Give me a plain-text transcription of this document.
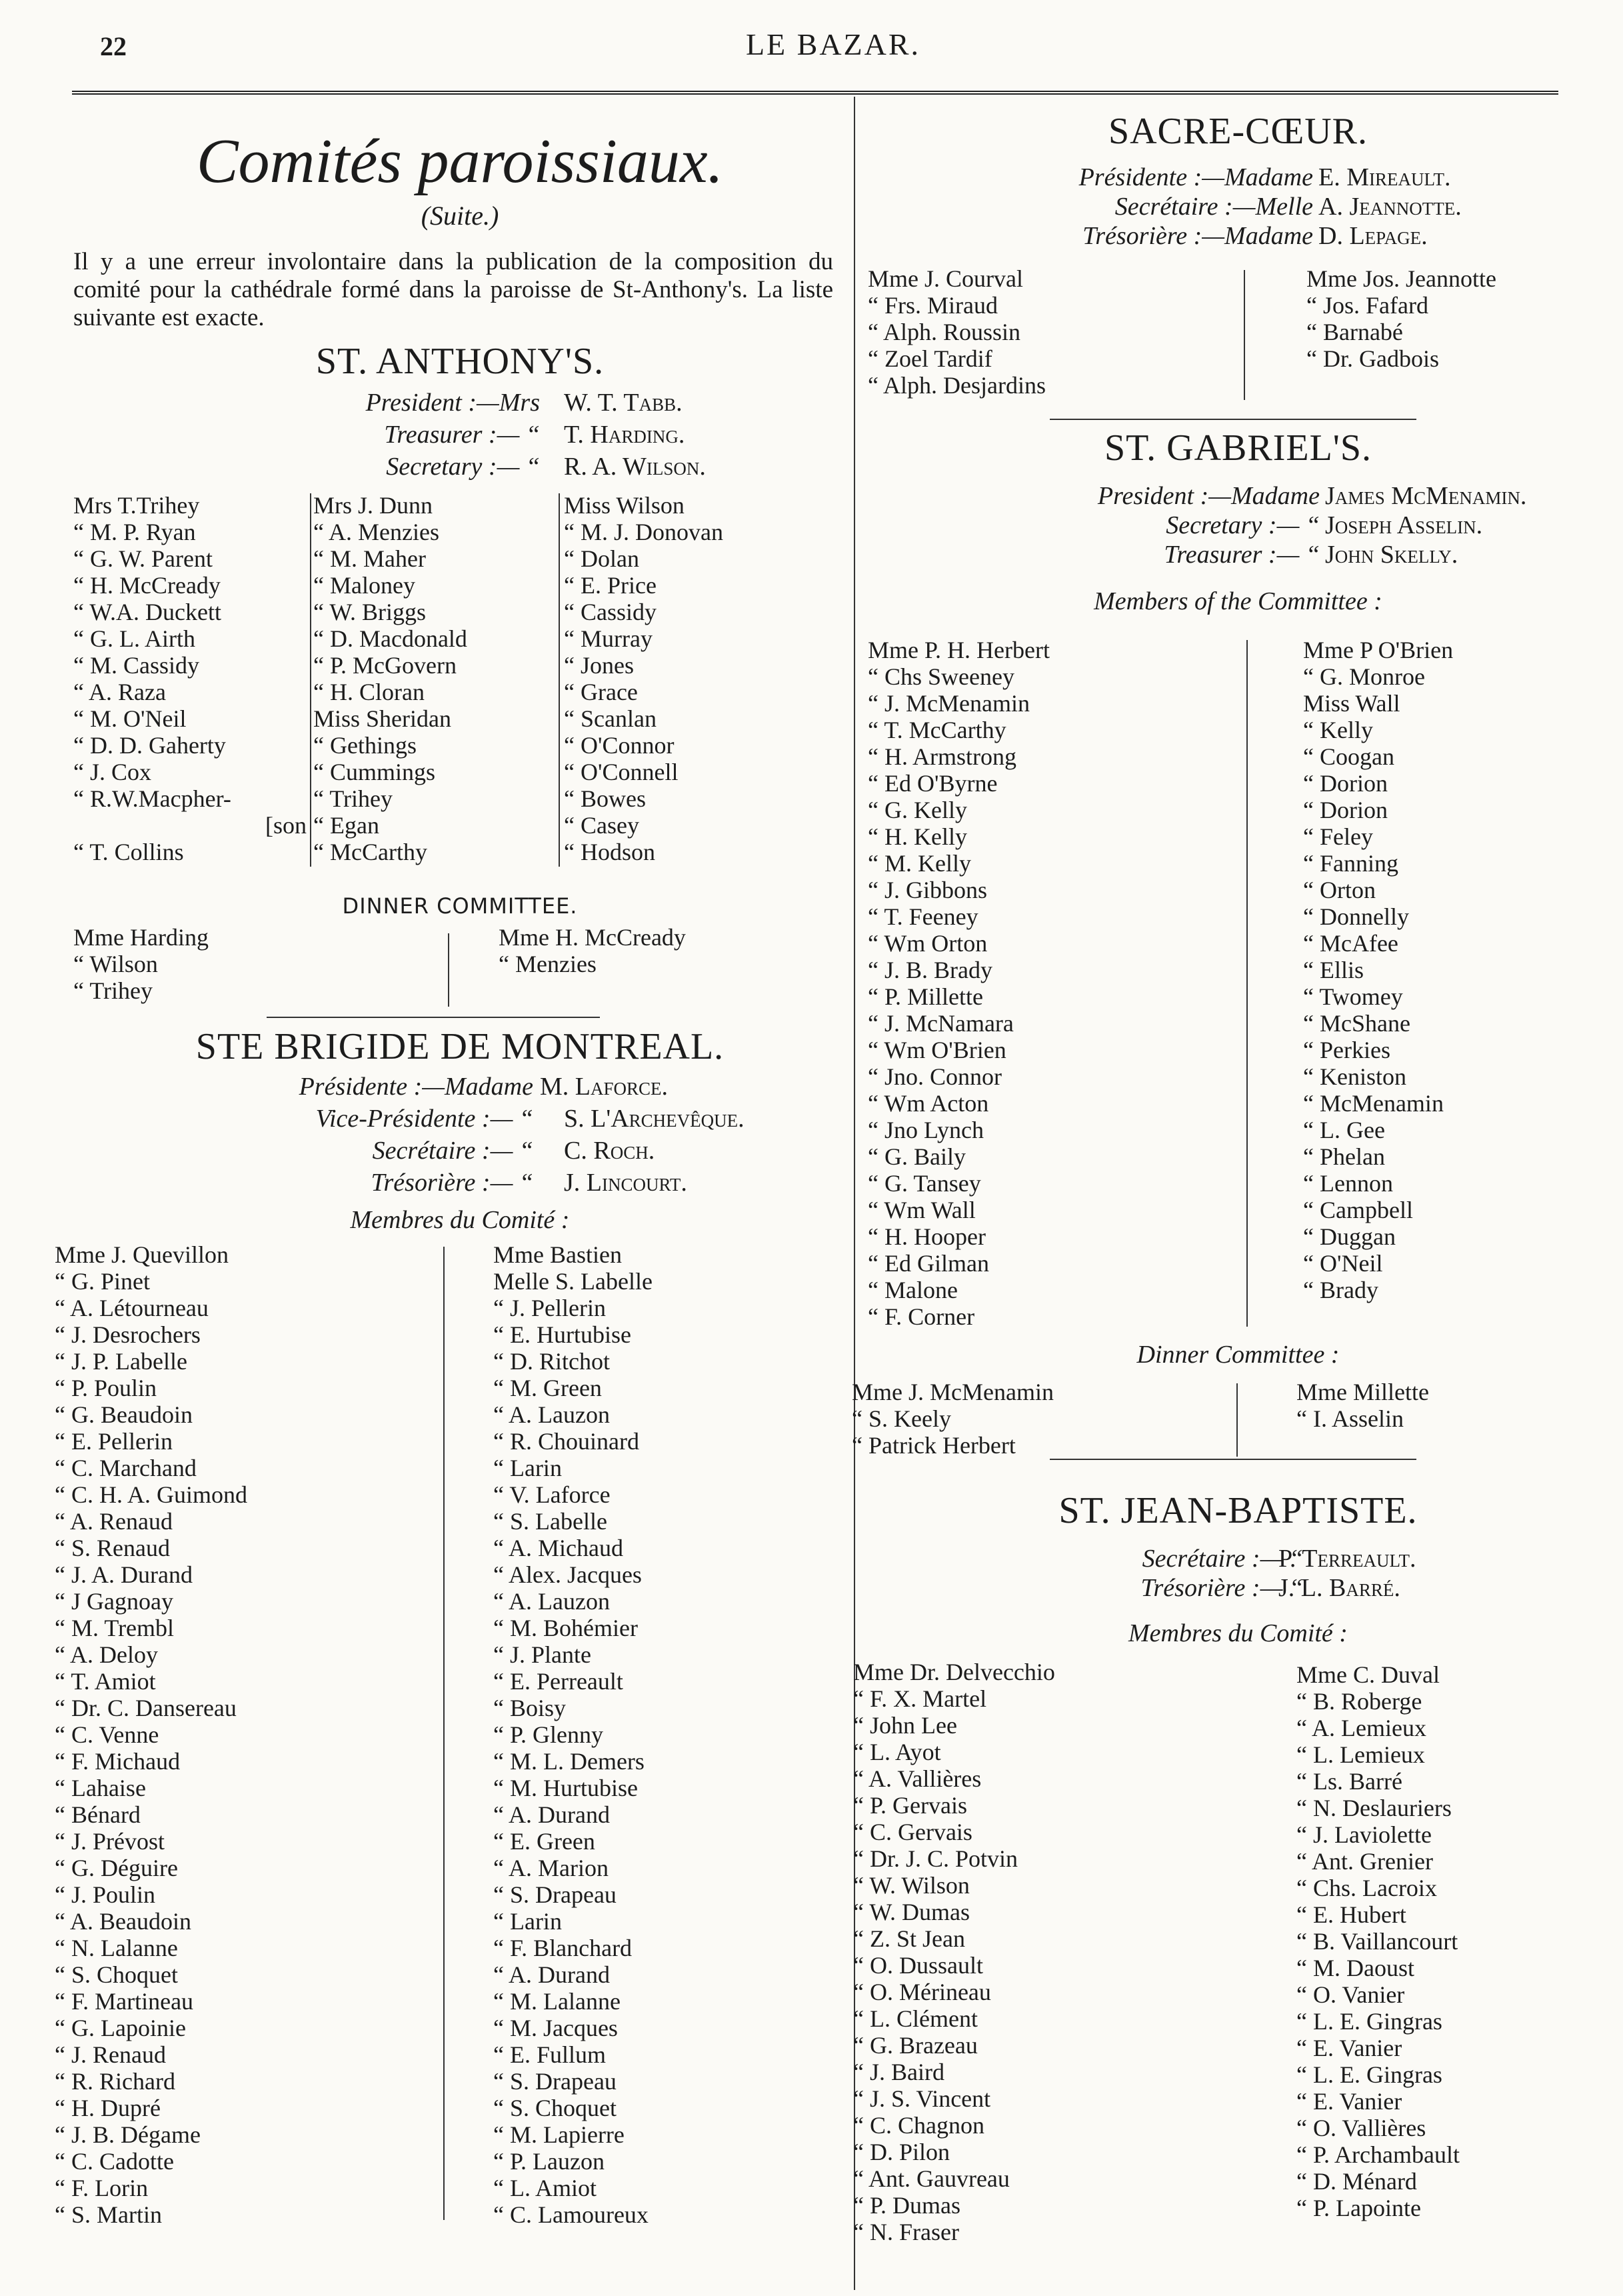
22	LE BAZAR.
Comités paroissiaux.
(Suite.)
Il y a une erreur involontaire dans la publication de la composition du comité pour la cathédrale formé dans la paroisse de St-Anthony's. La liste suivante est exacte.
ST. ANTHONY'S.
President :—Mrs W. T. Tabb.
Treasurer :— “ T. Harding.
Secretary :— “ R. A. Wilson.
Mrs T.Trihey
“ M. P. Ryan
“ G. W. Parent
“ H. McCready
“ W.A. Duckett
“ G. L. Airth
“ M. Cassidy
“ A. Raza
“ M. O'Neil
“ D. D. Gaherty
“ J. Cox
“ R.W.Macpher-
[son
“ T. Collins
Mrs J. Dunn
“ A. Menzies
“ M. Maher
“ Maloney
“ W. Briggs
“ D. Macdonald
“ P. McGovern
“ H. Cloran
Miss Sheridan
“ Gethings
“ Cummings
“ Trihey
“ Egan
“ McCarthy
Miss Wilson
“ M. J. Donovan
“ Dolan
“ E. Price
“ Cassidy
“ Murray
“ Jones
“ Grace
“ Scanlan
“ O'Connor
“ O'Connell
“ Bowes
“ Casey
“ Hodson
DINNER COMMITTEE.
Mme Harding
“ Wilson
“ Trihey
Mme H. McCready
“ Menzies
STE BRIGIDE DE MONTREAL.
Présidente :—Madame M. Laforce.
Vice-Présidente :— “ S. L'Archevêque.
Secrétaire :— “ C. Roch.
Trésorière :— “ J. Lincourt.
Membres du Comité :
Mme J. Quevillon
“ G. Pinet
“ A. Létourneau
“ J. Desrochers
“ J. P. Labelle
“ P. Poulin
“ G. Beaudoin
“ E. Pellerin
“ C. Marchand
“ C. H. A. Guimond
“ A. Renaud
“ S. Renaud
“ J. A. Durand
“ J Gagnoay
“ M. Trembl
“ A. Deloy
“ T. Amiot
“ Dr. C. Dansereau
“ C. Venne
“ F. Michaud
“ Lahaise
“ Bénard
“ J. Prévost
“ G. Déguire
“ J. Poulin
“ A. Beaudoin
“ N. Lalanne
“ S. Choquet
“ F. Martineau
“ G. Lapoinie
“ J. Renaud
“ R. Richard
“ H. Dupré
“ J. B. Dégame
“ C. Cadotte
“ F. Lorin
“ S. Martin
Mme Bastien
Melle S. Labelle
“ J. Pellerin
“ E. Hurtubise
“ D. Ritchot
“ M. Green
“ A. Lauzon
“ R. Chouinard
“ Larin
“ V. Laforce
“ S. Labelle
“ A. Michaud
“ Alex. Jacques
“ A. Lauzon
“ M. Bohémier
“ J. Plante
“ E. Perreault
“ Boisy
“ P. Glenny
“ M. L. Demers
“ M. Hurtubise
“ A. Durand
“ E. Green
“ A. Marion
“ S. Drapeau
“ Larin
“ F. Blanchard
“ A. Durand
“ M. Lalanne
“ M. Jacques
“ E. Fullum
“ S. Drapeau
“ S. Choquet
“ M. Lapierre
“ P. Lauzon
“ L. Amiot
“ C. Lamoureux
SACRE-CŒUR.
Présidente :—Madame E. Mireault.
Secrétaire :—Melle A. Jeannotte.
Trésorière :—Madame D. Lepage.
Mme J. Courval
“ Frs. Miraud
“ Alph. Roussin
“ Zoel Tardif
“ Alph. Desjardins
Mme Jos. Jeannotte
“ Jos. Fafard
“ Barnabé
“ Dr. Gadbois
ST. GABRIEL'S.
President :—Madame James McMenamin.
Secretary :— “ Joseph Asselin.
Treasurer :— “ John Skelly.
Members of the Committee :
Mme P. H. Herbert
“ Chs Sweeney
“ J. McMenamin
“ T. McCarthy
“ H. Armstrong
“ Ed O'Byrne
“ G. Kelly
“ H. Kelly
“ M. Kelly
“ J. Gibbons
“ T. Feeney
“ Wm Orton
“ J. B. Brady
“ P. Millette
“ J. McNamara
“ Wm O'Brien
“ Jno. Connor
“ Wm Acton
“ Jno Lynch
“ G. Baily
“ G. Tansey
“ Wm Wall
“ H. Hooper
“ Ed Gilman
“ Malone
“ F. Corner
Mme P O'Brien
“ G. Monroe
Miss Wall
“ Kelly
“ Coogan
“ Dorion
“ Dorion
“ Feley
“ Fanning
“ Orton
“ Donnelly
“ McAfee
“ Ellis
“ Twomey
“ McShane
“ Perkies
“ Keniston
“ McMenamin
“ L. Gee
“ Phelan
“ Lennon
“ Campbell
“ Duggan
“ O'Neil
“ Brady
Dinner Committee :
Mme J. McMenamin
“ S. Keely
“ Patrick Herbert
Mme Millette
“ I. Asselin
ST. JEAN-BAPTISTE.
Secrétaire :— “
P. Terreault.
Trésorière :— “
J. L. Barré.
Membres du Comité :
Mme Dr. Delvecchio
“ F. X. Martel
“ John Lee
“ L. Ayot
“ A. Vallières
“ P. Gervais
“ C. Gervais
“ Dr. J. C. Potvin
“ W. Wilson
“ W. Dumas
“ Z. St Jean
“ O. Dussault
“ O. Mérineau
“ L. Clément
“ G. Brazeau
“ J. Baird
“ J. S. Vincent
“ C. Chagnon
“ D. Pilon
“ Ant. Gauvreau
“ P. Dumas
“ N. Fraser
Mme C. Duval
“ B. Roberge
“ A. Lemieux
“ L. Lemieux
“ Ls. Barré
“ N. Deslauriers
“ J. Laviolette
“ Ant. Grenier
“ Chs. Lacroix
“ E. Hubert
“ B. Vaillancourt
“ M. Daoust
“ O. Vanier
“ L. E. Gingras
“ E. Vanier
“ L. E. Gingras
“ E. Vanier
“ O. Vallières
“ P. Archambault
“ D. Ménard
“ P. Lapointe
